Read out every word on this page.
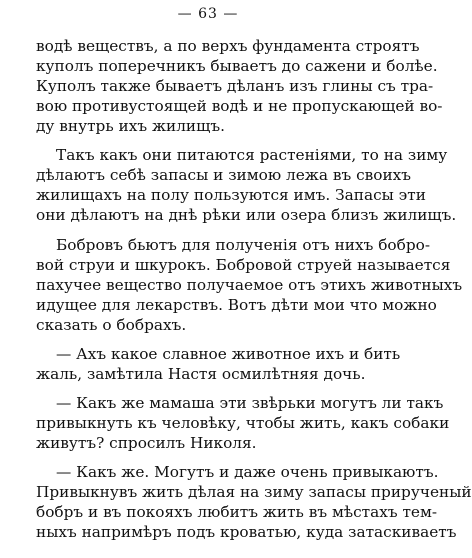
— 63 —
водѣ веществъ, а по верхъ фундамента строятъ
куполъ поперечникъ бываетъ до сажени и болѣе.
Куполъ также бываетъ дѣланъ изъ глины съ тра-
вою противустоящей водѣ и не пропускающей во-
ду внутрь ихъ жилищъ.
Такъ какъ они питаются растеніями, то на зиму
дѣлаютъ себѣ запасы и зимою лежа въ своихъ
жилищахъ на полу пользуются имъ. Запасы эти
они дѣлаютъ на днѣ рѣки или озера близъ жилищъ.
Бобровъ бьютъ для полученія отъ нихъ бобро-
вой струи и шкурокъ. Бобровой струей называется
пахучее вещество получаемое отъ этихъ животныхъ
идущее для лекарствъ. Вотъ дѣти мои что можно
сказать о бобрахъ.
— Ахъ какое славное животное ихъ и бить
жаль, замѣтила Настя осмилѣтняя дочь.
— Какъ же мамаша эти звѣрьки могутъ ли такъ
привыкнуть къ человѣку, чтобы жить, какъ собаки
живутъ? спросилъ Николя.
— Какъ же. Могутъ и даже очень привыкаютъ.
Привыкнувъ жить дѣлая на зиму запасы прирученый
бобръ и въ покояхъ любитъ жить въ мѣстахъ тем-
ныхъ напримѣръ подъ кроватью, куда затаскиваетъ
